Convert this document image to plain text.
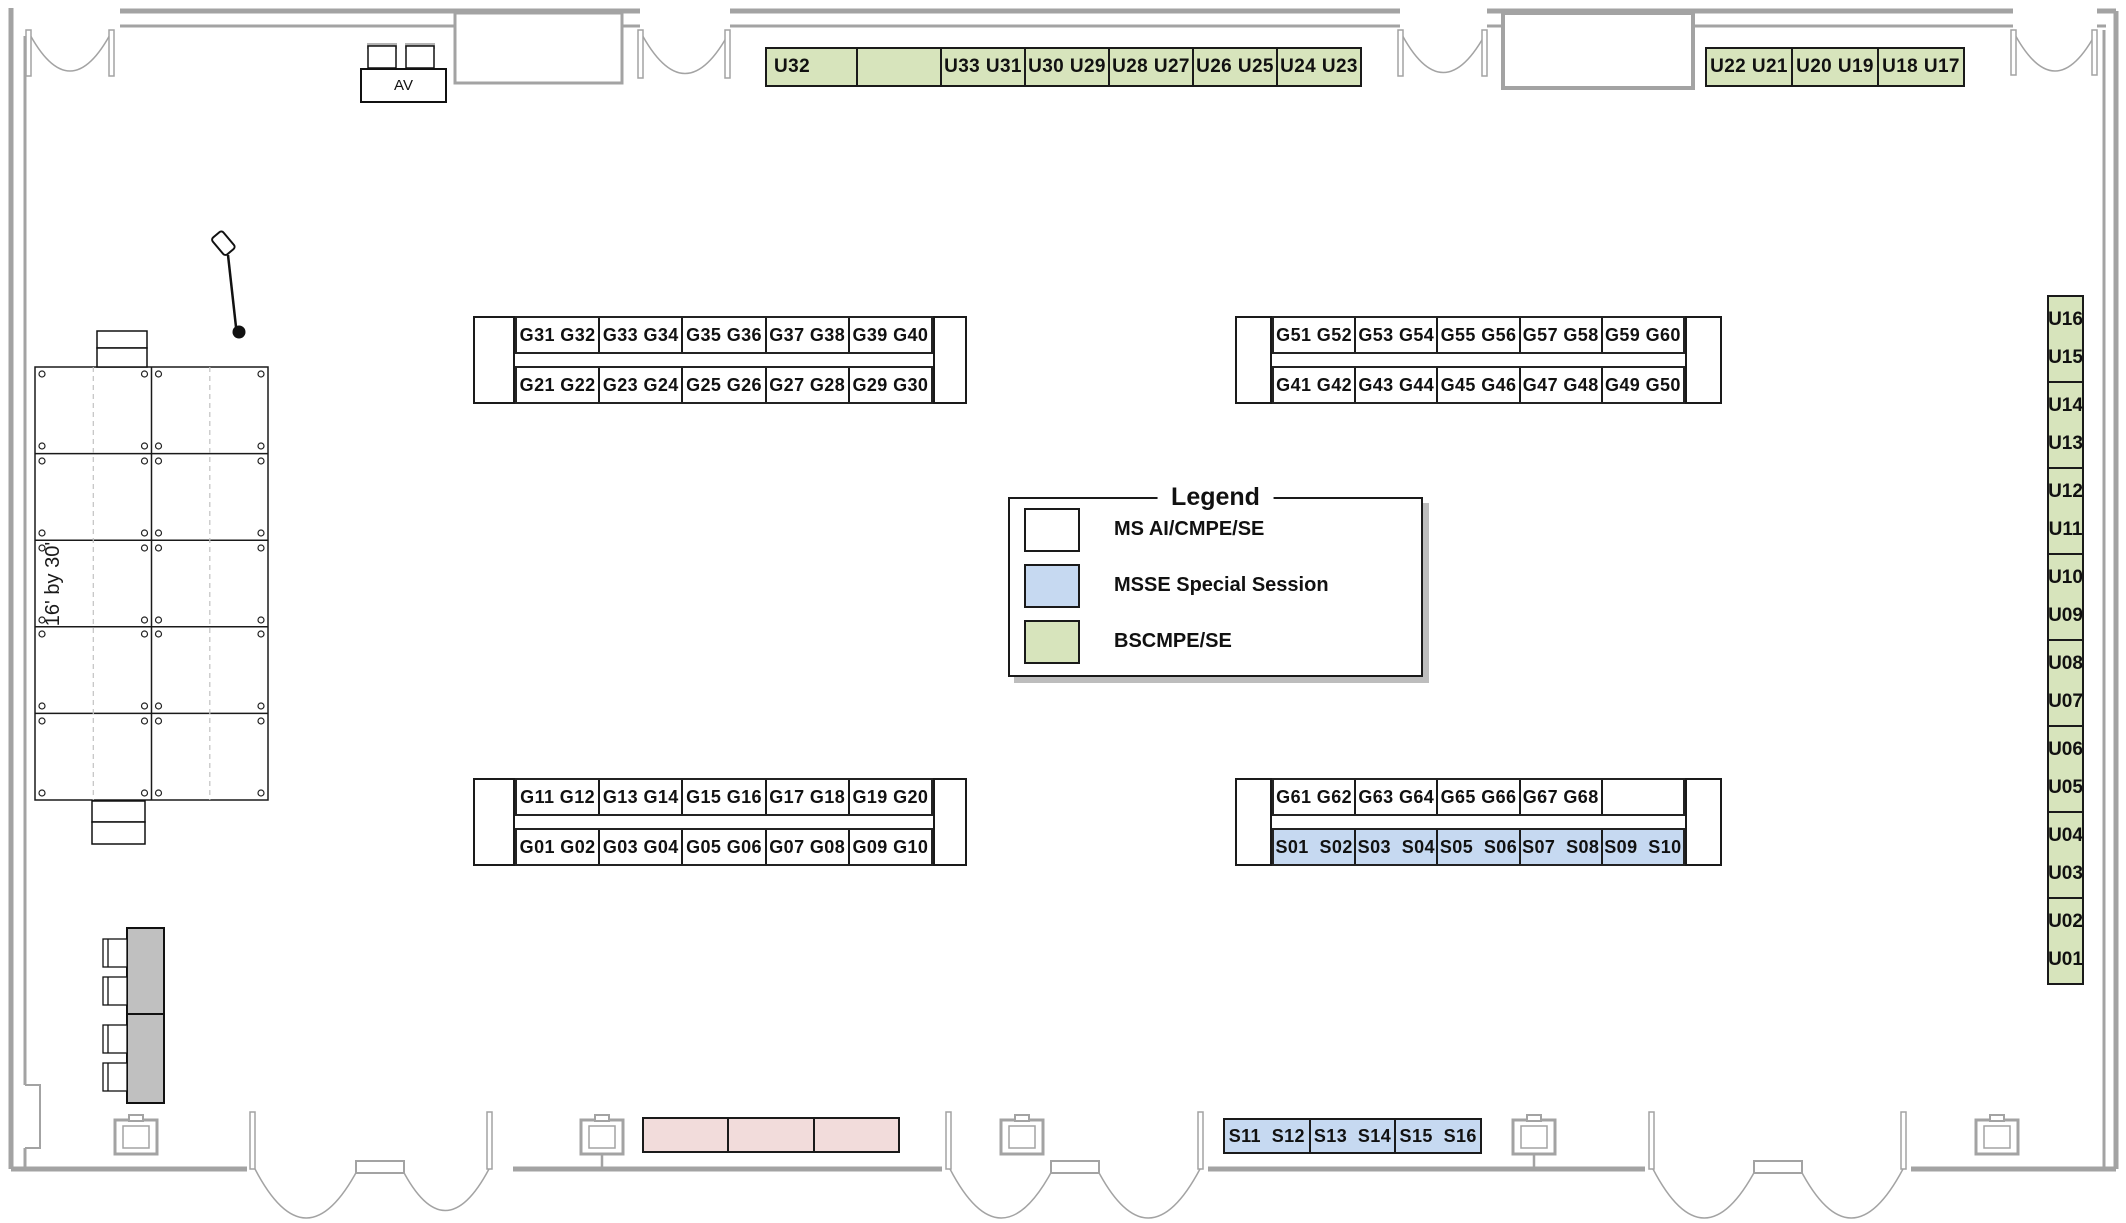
16' by 30'
AV
U32	U33 U31 U30 U29 U28 U27 U26 U25 U24 U23	U22 U21 U20 U19 U18 U17
U16
U15
U14
U13
U12
U11
U10
U09
U08
U07
U06
U05
U04
U03
U02
U01
G31 G32 G33 G34 G35 G36 G37 G38 G39 G40
G21 G22 G23 G24 G25 G26 G27 G28 G29 G30
G51 G52 G53 G54 G55 G56 G57 G58 G59 G60
G41 G42 G43 G44 G45 G46 G47 G48 G49 G50
G11 G12 G13 G14 G15 G16 G17 G18 G19 G20
G01 G02 G03 G04 G05 G06 G07 G08 G09 G10
G61 G62 G63 G64 G65 G66 G67 G68
S01  S02 S03  S04 S05  S06 S07  S08 S09  S10
S11  S12 S13  S14 S15  S16
Legend
MS AI/CMPE/SE
MSSE Special Session
BSCMPE/SE
